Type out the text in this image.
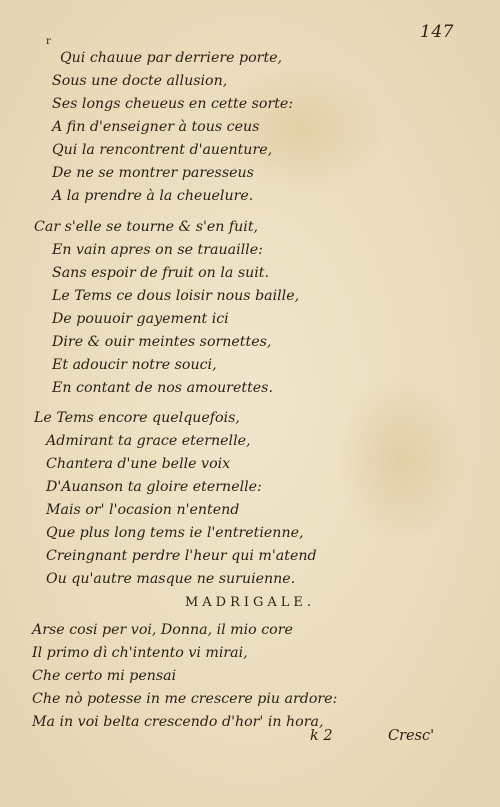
147
r
Qui chauue par derriere porte,
Sous une docte allusion,
Ses longs cheueus en cette sorte:
A fin d'enseigner à tous ceus
Qui la rencontrent d'auenture,
De ne se montrer paresseus
A la prendre à la cheuelure.
Car s'elle se tourne & s'en fuit,
En vain apres on se trauaille:
Sans espoir de fruit on la suit.
Le Tems ce dous loisir nous baille,
De pouuoir gayement ici
Dire & ouir meintes sornettes,
Et adoucir notre souci,
En contant de nos amourettes.
Le Tems encore quelquefois,
Admirant ta grace eternelle,
Chantera d'une belle voix
D'Auanson ta gloire eternelle:
Mais or' l'ocasion n'entend
Que plus long tems ie l'entretienne,
Creingnant perdre l'heur qui m'atend
Ou qu'autre masque ne suruienne.
MADRIGALE.
Arse cosi per voi, Donna, il mio core
Il primo dì ch'intento vi mirai,
Che certo mi pensai
Che nò potesse in me crescere piu ardore:
Ma in voi belta crescendo d'hor' in hora,
k 2	Cresc'
